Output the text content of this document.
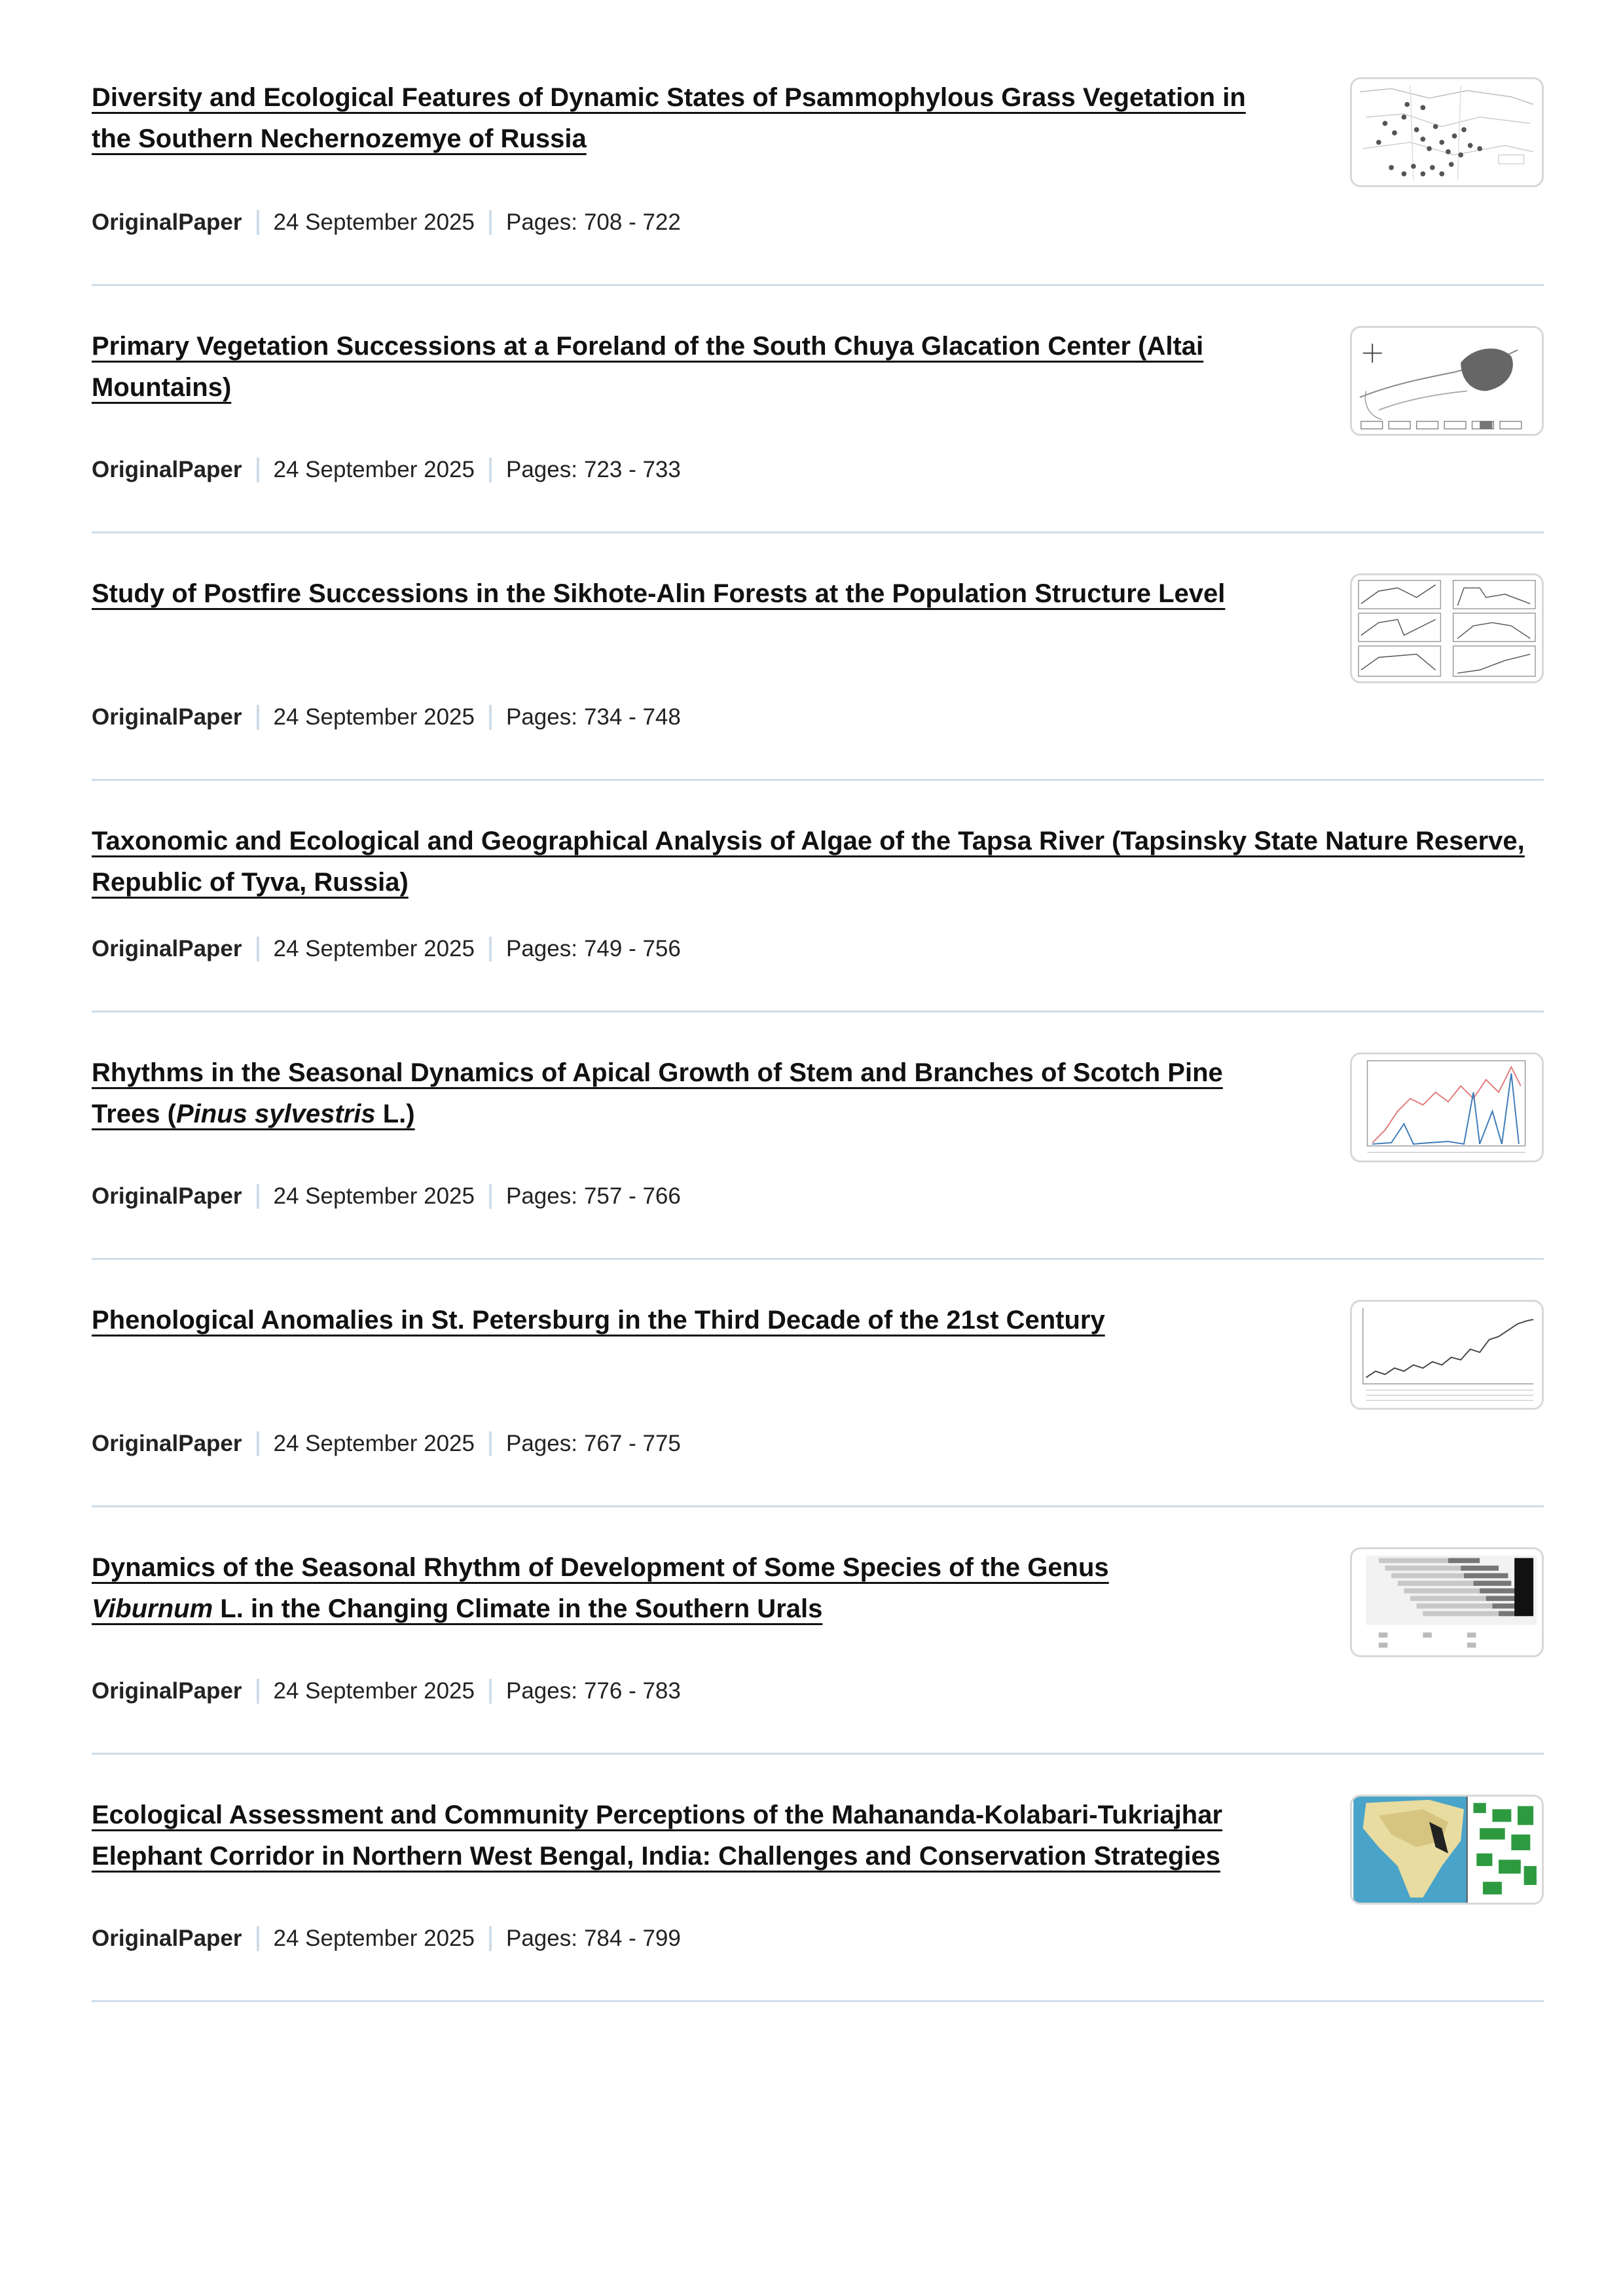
Diversity and Ecological Features of Dynamic States of Psammophylous Grass Vegetation in the Southern Nechernozemye of Russia
OriginalPaper 24 September 2025 Pages: 708 - 722
Primary Vegetation Successions at a Foreland of the South Chuya Glacation Center (Altai Mountains)
OriginalPaper 24 September 2025 Pages: 723 - 733
Study of Postfire Successions in the Sikhote-Alin Forests at the Population Structure Level
OriginalPaper 24 September 2025 Pages: 734 - 748
Taxonomic and Ecological and Geographical Analysis of Algae of the Tapsa River (Tapsinsky State Nature Reserve, Republic of Tyva, Russia)
OriginalPaper 24 September 2025 Pages: 749 - 756
Rhythms in the Seasonal Dynamics of Apical Growth of Stem and Branches of Scotch Pine Trees (Pinus sylvestris L.)
OriginalPaper 24 September 2025 Pages: 757 - 766
Phenological Anomalies in St. Petersburg in the Third Decade of the 21st Century
OriginalPaper 24 September 2025 Pages: 767 - 775
Dynamics of the Seasonal Rhythm of Development of Some Species of the Genus Viburnum L. in the Changing Climate in the Southern Urals
OriginalPaper 24 September 2025 Pages: 776 - 783
Ecological Assessment and Community Perceptions of the Mahananda-Kolabari-Tukriajhar Elephant Corridor in Northern West Bengal, India: Challenges and Conservation Strategies
OriginalPaper 24 September 2025 Pages: 784 - 799
